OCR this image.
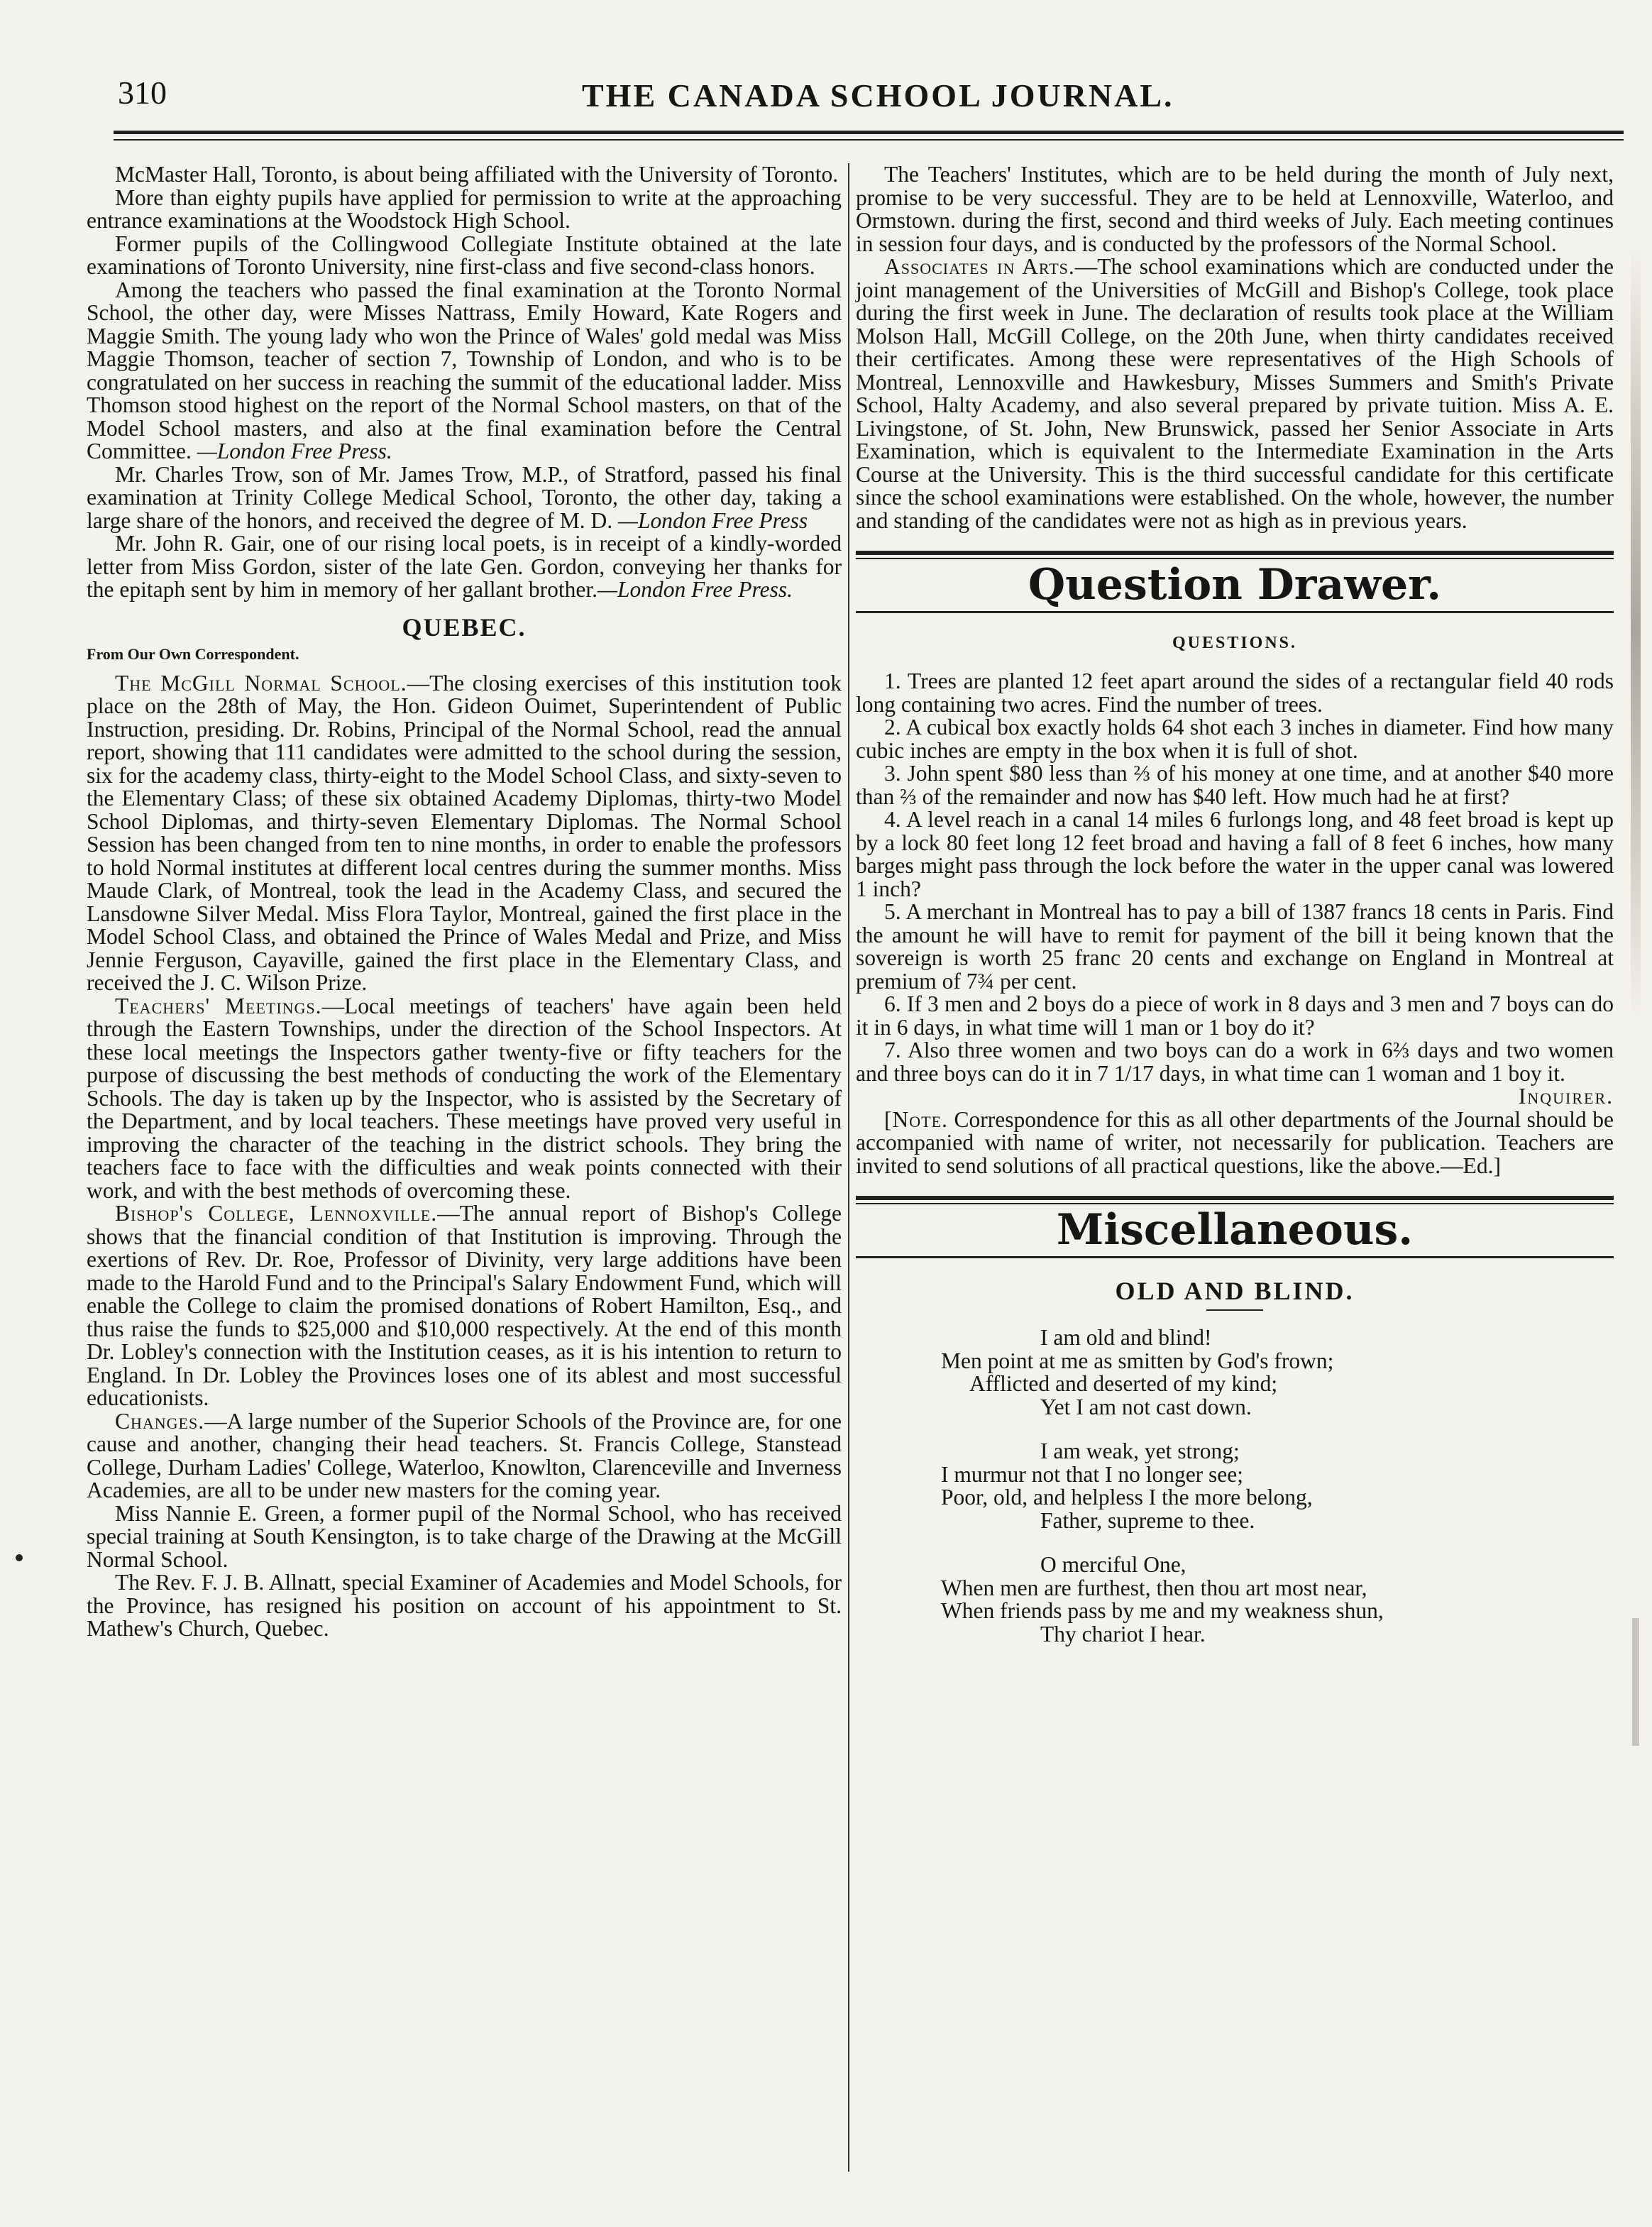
310	THE CANADA SCHOOL JOURNAL.

McMaster Hall, Toronto, is about being affiliated with the University of Toronto.

More than eighty pupils have applied for permission to write at the approaching entrance examinations at the Woodstock High School.

Former pupils of the Collingwood Collegiate Institute obtained at the late examinations of Toronto University, nine first-class and five second-class honors.

Among the teachers who passed the final examination at the Toronto Normal School, the other day, were Misses Nattrass, Emily Howard, Kate Rogers and Maggie Smith. The young lady who won the Prince of Wales' gold medal was Miss Maggie Thomson, teacher of section 7, Township of London, and who is to be congratulated on her success in reaching the summit of the educational ladder. Miss Thomson stood highest on the report of the Normal School masters, on that of the Model School masters, and also at the final examination before the Central Committee. —London Free Press.

Mr. Charles Trow, son of Mr. James Trow, M.P., of Stratford, passed his final examination at Trinity College Medical School, Toronto, the other day, taking a large share of the honors, and received the degree of M. D. —London Free Press

Mr. John R. Gair, one of our rising local poets, is in receipt of a kindly-worded letter from Miss Gordon, sister of the late Gen. Gordon, conveying her thanks for the epitaph sent by him in memory of her gallant brother.—London Free Press.

QUEBEC.
From Our Own Correspondent.

The McGill Normal School.—The closing exercises of this institution took place on the 28th of May, the Hon. Gideon Ouimet, Superintendent of Public Instruction, presiding. Dr. Robins, Principal of the Normal School, read the annual report, showing that 111 candidates were admitted to the school during the session, six for the academy class, thirty-eight to the Model School Class, and sixty-seven to the Elementary Class; of these six obtained Academy Diplomas, thirty-two Model School Diplomas, and thirty-seven Elementary Diplomas. The Normal School Session has been changed from ten to nine months, in order to enable the professors to hold Normal institutes at different local centres during the summer months. Miss Maude Clark, of Montreal, took the lead in the Academy Class, and secured the Lansdowne Silver Medal. Miss Flora Taylor, Montreal, gained the first place in the Model School Class, and obtained the Prince of Wales Medal and Prize, and Miss Jennie Ferguson, Cayaville, gained the first place in the Elementary Class, and received the J. C. Wilson Prize.

Teachers' Meetings.—Local meetings of teachers' have again been held through the Eastern Townships, under the direction of the School Inspectors. At these local meetings the Inspectors gather twenty-five or fifty teachers for the purpose of discussing the best methods of conducting the work of the Elementary Schools. The day is taken up by the Inspector, who is assisted by the Secretary of the Department, and by local teachers. These meetings have proved very useful in improving the character of the teaching in the district schools. They bring the teachers face to face with the difficulties and weak points connected with their work, and with the best methods of overcoming these.

Bishop's College, Lennoxville.—The annual report of Bishop's College shows that the financial condition of that Institution is improving. Through the exertions of Rev. Dr. Roe, Professor of Divinity, very large additions have been made to the Harold Fund and to the Principal's Salary Endowment Fund, which will enable the College to claim the promised donations of Robert Hamilton, Esq., and thus raise the funds to $25,000 and $10,000 respectively. At the end of this month Dr. Lobley's connection with the Institution ceases, as it is his intention to return to England. In Dr. Lobley the Provinces loses one of its ablest and most successful educationists.

Changes.—A large number of the Superior Schools of the Province are, for one cause and another, changing their head teachers. St. Francis College, Stanstead College, Durham Ladies' College, Waterloo, Knowlton, Clarenceville and Inverness Academies, are all to be under new masters for the coming year.

Miss Nannie E. Green, a former pupil of the Normal School, who has received special training at South Kensington, is to take charge of the Drawing at the McGill Normal School.

The Rev. F. J. B. Allnatt, special Examiner of Academies and Model Schools, for the Province, has resigned his position on account of his appointment to St. Mathew's Church, Quebec.

The Teachers' Institutes, which are to be held during the month of July next, promise to be very successful. They are to be held at Lennoxville, Waterloo, and Ormstown. during the first, second and third weeks of July. Each meeting continues in session four days, and is conducted by the professors of the Normal School.

Associates in Arts.—The school examinations which are conducted under the joint management of the Universities of McGill and Bishop's College, took place during the first week in June. The declaration of results took place at the William Molson Hall, McGill College, on the 20th June, when thirty candidates received their certificates. Among these were representatives of the High Schools of Montreal, Lennoxville and Hawkesbury, Misses Summers and Smith's Private School, Halty Academy, and also several prepared by private tuition. Miss A. E. Livingstone, of St. John, New Brunswick, passed her Senior Associate in Arts Examination, which is equivalent to the Intermediate Examination in the Arts Course at the University. This is the third successful candidate for this certificate since the school examinations were established. On the whole, however, the number and standing of the candidates were not as high as in previous years.

Question Drawer.
QUESTIONS.

1. Trees are planted 12 feet apart around the sides of a rectangular field 40 rods long containing two acres. Find the number of trees.

2. A cubical box exactly holds 64 shot each 3 inches in diameter. Find how many cubic inches are empty in the box when it is full of shot.

3. John spent $80 less than ⅔ of his money at one time, and at another $40 more than ⅔ of the remainder and now has $40 left. How much had he at first?

4. A level reach in a canal 14 miles 6 furlongs long, and 48 feet broad is kept up by a lock 80 feet long 12 feet broad and having a fall of 8 feet 6 inches, how many barges might pass through the lock before the water in the upper canal was lowered 1 inch?

5. A merchant in Montreal has to pay a bill of 1387 francs 18 cents in Paris. Find the amount he will have to remit for payment of the bill it being known that the sovereign is worth 25 franc 20 cents and exchange on England in Montreal at premium of 7¾ per cent.

6. If 3 men and 2 boys do a piece of work in 8 days and 3 men and 7 boys can do it in 6 days, in what time will 1 man or 1 boy do it?

7. Also three women and two boys can do a work in 6⅔ days and two women and three boys can do it in 7 1/17 days, in what time can 1 woman and 1 boy it.

Inquirer.

[Note. Correspondence for this as all other departments of the Journal should be accompanied with name of writer, not necessarily for publication. Teachers are invited to send solutions of all practical questions, like the above.—Ed.]

Miscellaneous.
OLD AND BLIND.
I am old and blind!
Men point at me as smitten by God's frown;
Afflicted and deserted of my kind;
Yet I am not cast down.
I am weak, yet strong;
I murmur not that I no longer see;
Poor, old, and helpless I the more belong,
Father, supreme to thee.
O merciful One,
When men are furthest, then thou art most near,
When friends pass by me and my weakness shun,
Thy chariot I hear.
